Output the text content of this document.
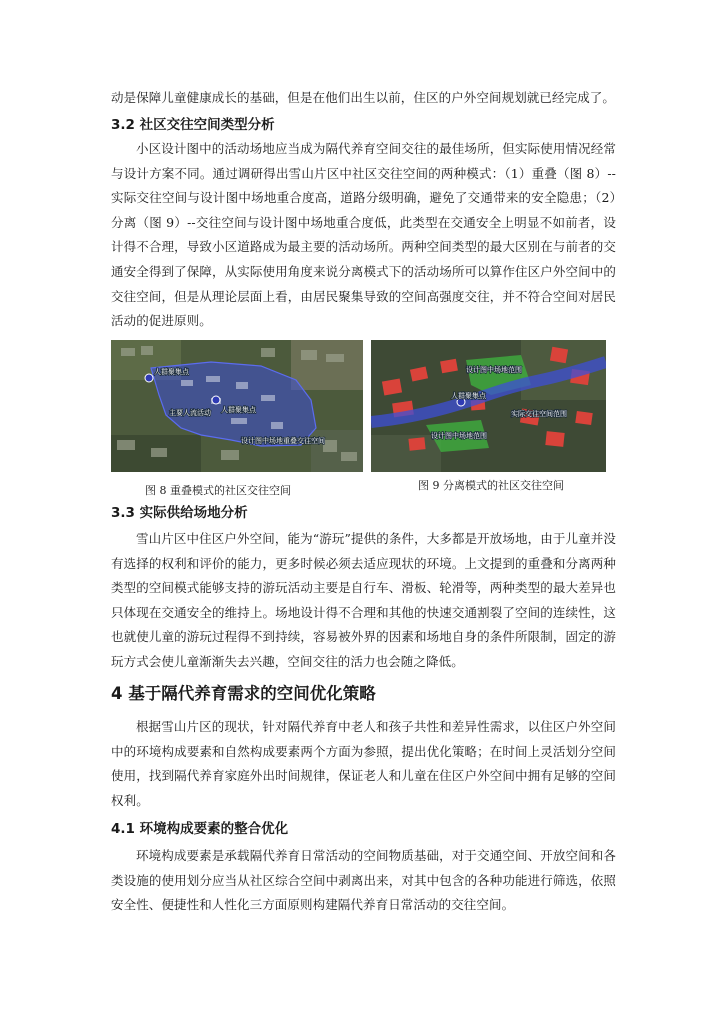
动是保障儿童健康成长的基础，但是在他们出生以前，住区的户外空间规划就已经完成了。

3.2 社区交往空间类型分析

小区设计图中的活动场地应当成为隔代养育空间交往的最佳场所，但实际使用情况经常与设计方案不同。通过调研得出雪山片区中社区交往空间的两种模式：（1）重叠（图 8）--实际交往空间与设计图中场地重合度高，道路分级明确，避免了交通带来的安全隐患；（2）分离（图 9）--交往空间与设计图中场地重合度低，此类型在交通安全上明显不如前者，设计得不合理，导致小区道路成为最主要的活动场所。两种空间类型的最大区别在与前者的交通安全得到了保障，从实际使用角度来说分离模式下的活动场所可以算作住区户外空间中的交往空间，但是从理论层面上看，由居民聚集导致的空间高强度交往，并不符合空间对居民活动的促进原则。

人群聚集点
主要人流活动 人群聚集点
设计图中场地重叠交往空间
图 8 重叠模式的社区交往空间
设计图中场地范围
人群聚集点
实际交往空间范围
设计图中场地范围
图 9 分离模式的社区交往空间
3.3 实际供给场地分析

雪山片区中住区户外空间，能为“游玩”提供的条件，大多都是开放场地，由于儿童并没有选择的权利和评价的能力，更多时候必须去适应现状的环境。上文提到的重叠和分离两种类型的空间模式能够支持的游玩活动主要是自行车、滑板、轮滑等，两种类型的最大差异也只体现在交通安全的维持上。场地设计得不合理和其他的快速交通割裂了空间的连续性，这也就使儿童的游玩过程得不到持续，容易被外界的因素和场地自身的条件所限制，固定的游玩方式会使儿童渐渐失去兴趣，空间交往的活力也会随之降低。

4 基于隔代养育需求的空间优化策略

根据雪山片区的现状，针对隔代养育中老人和孩子共性和差异性需求，以住区户外空间中的环境构成要素和自然构成要素两个方面为参照，提出优化策略；在时间上灵活划分空间使用，找到隔代养育家庭外出时间规律，保证老人和儿童在住区户外空间中拥有足够的空间权利。

4.1 环境构成要素的整合优化

环境构成要素是承载隔代养育日常活动的空间物质基础，对于交通空间、开放空间和各类设施的使用划分应当从社区综合空间中剥离出来，对其中包含的各种功能进行筛选，依照安全性、便捷性和人性化三方面原则构建隔代养育日常活动的交往空间。
